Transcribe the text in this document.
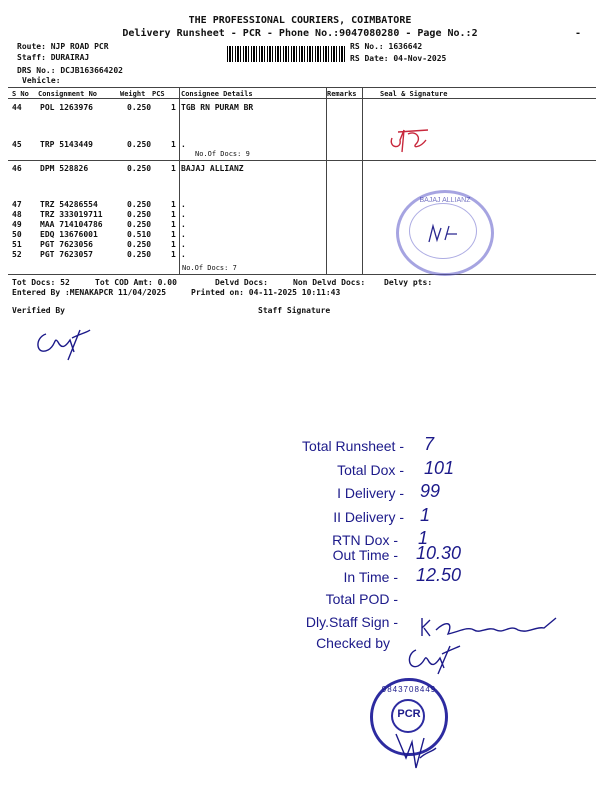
THE PROFESSIONAL COURIERS, COIMBATORE
Delivery Runsheet - PCR - Phone No.:9047080280 - Page No.:2	-
Route: NJP ROAD PCR
Staff: DURAIRAJ
DRS No.: DCJB163664202
Vehicle:
RS No.: 1636642
RS Date: 04-Nov-2025
S No Consignment No	Weight PCS Consignee Details	Remarks	Seal & Signature
44 POL 1263976	0.250 1 TGB RN PURAM BR
45 TRP 5143449	0.250 1 .
No.Of Docs: 9
46 DPM 528826	0.250 1 BAJAJ ALLIANZ
47 TRZ 54286554	0.250 1 .
48 TRZ 333019711	0.250 1 .
49 MAA 714104786	0.250 1 .
50 EDQ 13676001	0.510 1 .
51 PGT 7623056	0.250 1 .
52 PGT 7623057	0.250 1 .
No.Of Docs: 7
Tot Docs: 52	Tot COD Amt: 0.00	Delvd Docs:	Non Delvd Docs: Delvy pts:
Entered By :MENAKAPCR 11/04/2025	Printed on: 04-11-2025 10:11:43
Verified By	Staff Signature
BAJAJ ALLIANZ
Total Runsheet - 7
Total Dox - 101
I Delivery - 99
II Delivery - 1
RTN Dox - 1
Out Time - 10.30
In Time - 12.50
Total POD -
Dly.Staff Sign -
Checked by
PCR
9843708449
